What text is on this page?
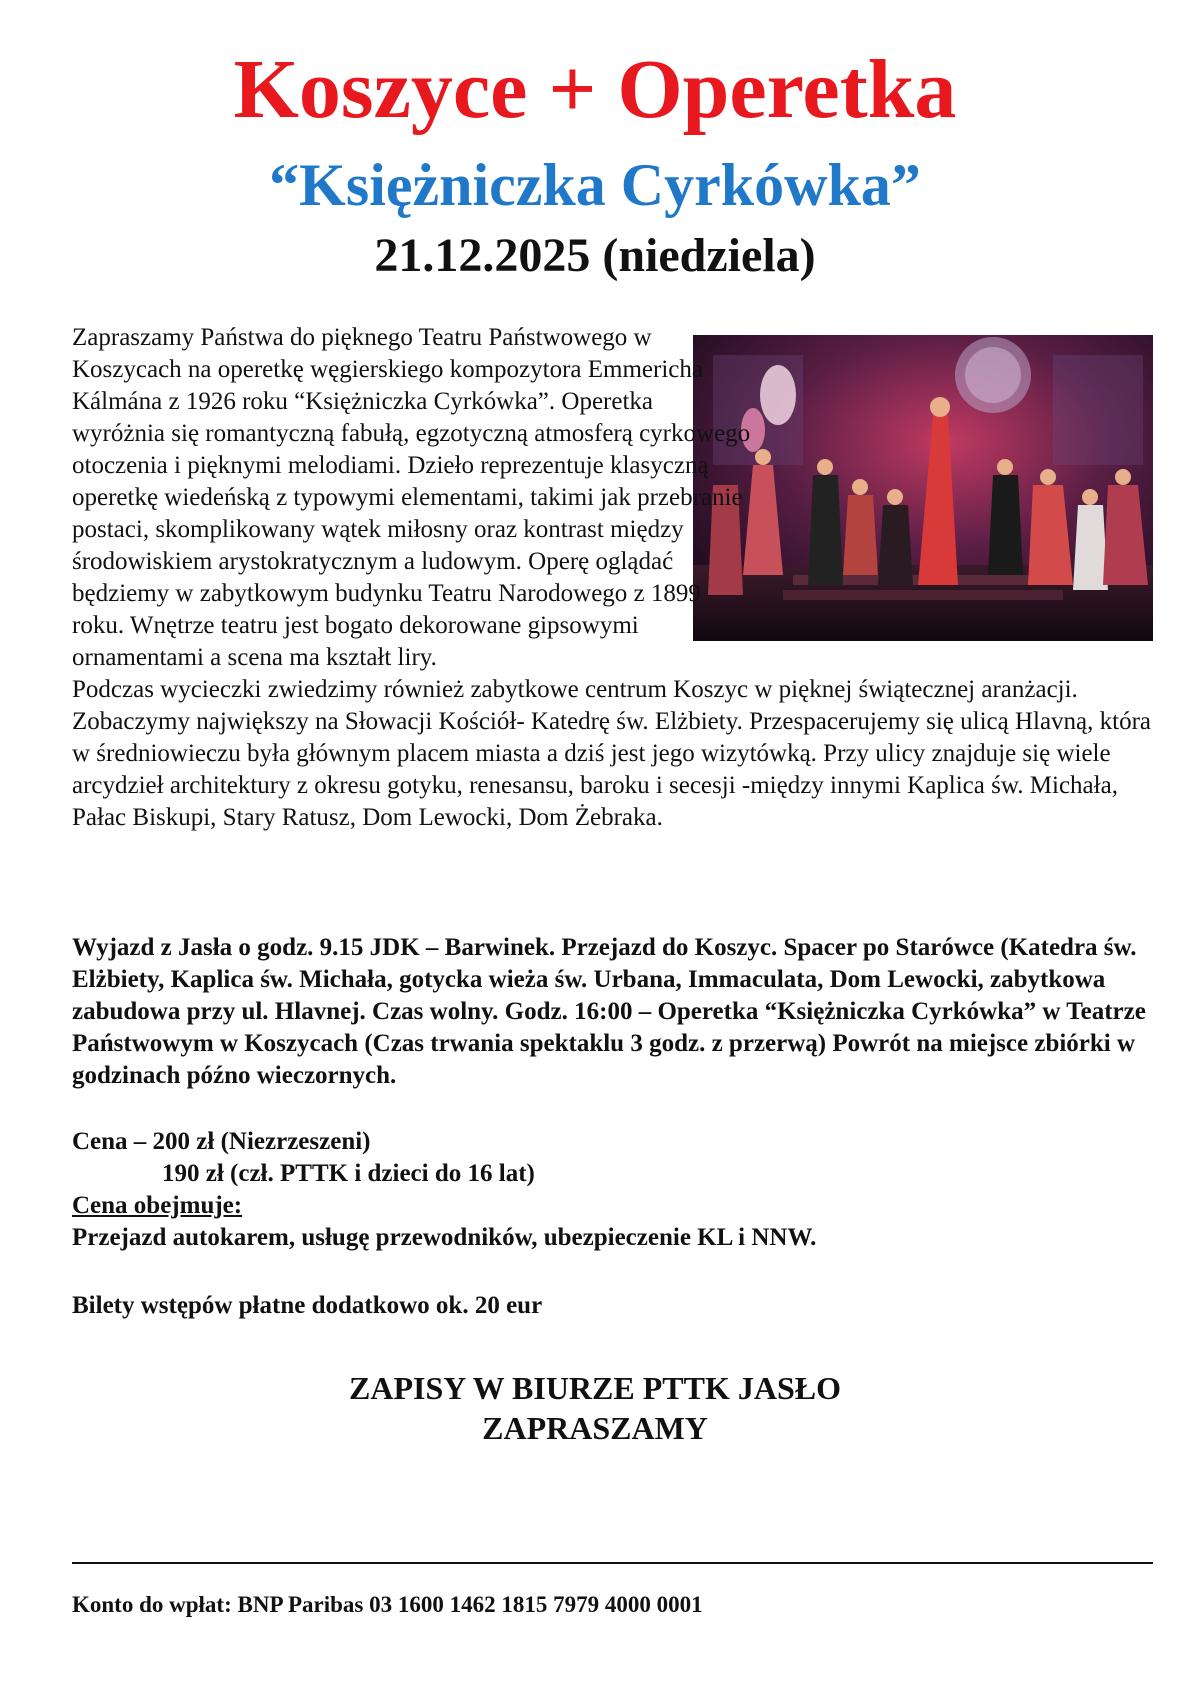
Koszyce + Operetka
“Księżniczka Cyrkówka”
21.12.2025 (niedziela)

Zapraszamy Państwa do pięknego Teatru Państwowego w Koszycach na operetkę węgierskiego kompozytora Emmericha Kálmána z 1926 roku “Księżniczka Cyrkówka”. Operetka wyróżnia się romantyczną fabułą, egzotyczną atmosferą cyrkowego otoczenia i pięknymi melodiami. Dzieło reprezentuje klasyczną operetkę wiedeńską z typowymi elementami, takimi jak przebranie postaci, skomplikowany wątek miłosny oraz kontrast między środowiskiem arystokratycznym a ludowym. Operę oglądać będziemy w zabytkowym budynku Teatru Narodowego z 1899 roku. Wnętrze teatru jest bogato dekorowane gipsowymi ornamentami a scena ma kształt liry.

Podczas wycieczki zwiedzimy również zabytkowe centrum Koszyc w pięknej świątecznej aranżacji. Zobaczymy największy na Słowacji Kościół- Katedrę św. Elżbiety. Przespacerujemy się ulicą Hlavną, która w średniowieczu była głównym placem miasta a dziś jest jego wizytówką. Przy ulicy znajduje się wiele arcydzieł architektury z okresu gotyku, renesansu, baroku i secesji -między innymi Kaplica św. Michała, Pałac Biskupi, Stary Ratusz, Dom Lewocki, Dom Żebraka.

Wyjazd z Jasła o godz. 9.15 JDK – Barwinek. Przejazd do Koszyc. Spacer po Starówce (Katedra św. Elżbiety, Kaplica św. Michała, gotycka wieża św. Urbana, Immaculata, Dom Lewocki, zabytkowa zabudowa przy ul. Hlavnej. Czas wolny. Godz. 16:00 – Operetka “Księżniczka Cyrkówka” w Teatrze Państwowym w Koszycach (Czas trwania spektaklu 3 godz. z przerwą) Powrót na miejsce zbiórki w godzinach późno wieczornych.

Cena – 200 zł (Niezrzeszeni)

190 zł (czł. PTTK i dzieci do 16 lat)

Cena obejmuje:

Przejazd autokarem, usługę przewodników, ubezpieczenie KL i NNW.

Bilety wstępów płatne dodatkowo ok. 20 eur

ZAPISY W BIURZE PTTK JASŁO

ZAPRASZAMY

Konto do wpłat: BNP Paribas 03 1600 1462 1815 7979 4000 0001
